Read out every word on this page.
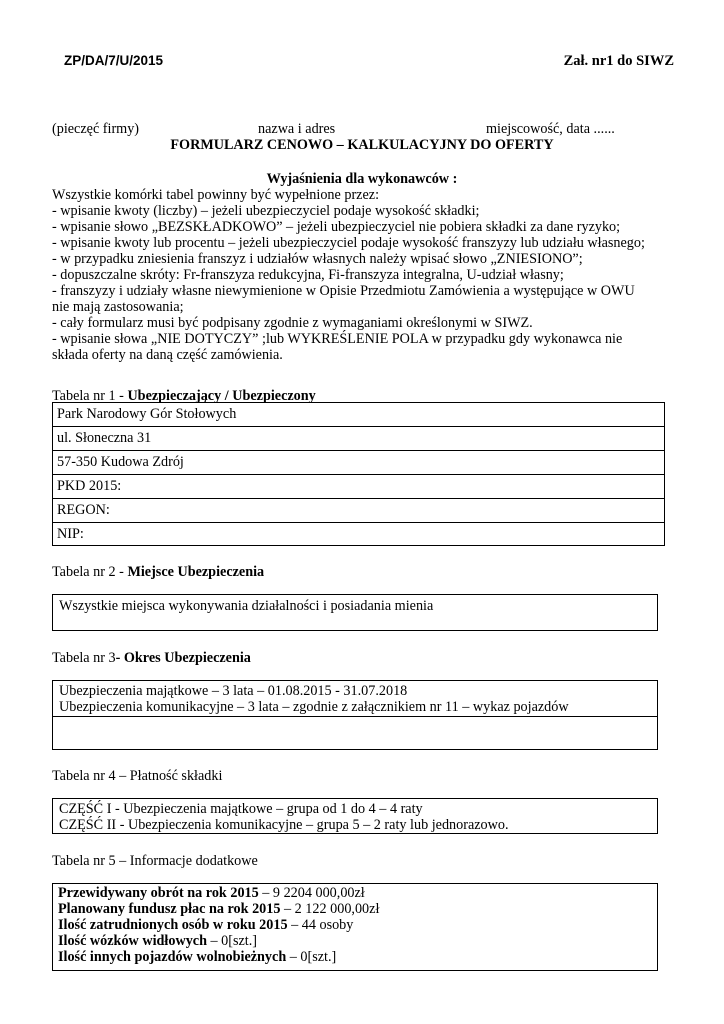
ZP/DA/7/U/2015	Zał. nr1 do SIWZ
(pieczęć firmy)	nazwa i adres	miejscowość, data ......
FORMULARZ CENOWO – KALKULACYJNY DO OFERTY
Wyjaśnienia dla wykonawców :
Wszystkie komórki tabel powinny być wypełnione przez:
- wpisanie kwoty (liczby) – jeżeli ubezpieczyciel podaje wysokość składki;
- wpisanie słowo „BEZSKŁADKOWO” – jeżeli ubezpieczyciel nie pobiera składki za dane ryzyko;
- wpisanie kwoty lub procentu – jeżeli ubezpieczyciel podaje wysokość franszyzy lub udziału własnego;
- w przypadku zniesienia franszyz i udziałów własnych należy wpisać słowo „ZNIESIONO”;
- dopuszczalne skróty: Fr-franszyza redukcyjna, Fi-franszyza integralna, U-udział własny;
- franszyzy i udziały własne niewymienione w Opisie Przedmiotu Zamówienia a występujące w OWU
nie mają zastosowania;
- cały formularz musi być podpisany zgodnie z wymaganiami określonymi w SIWZ.
- wpisanie słowa „NIE DOTYCZY” ;lub WYKREŚLENIE POLA w przypadku gdy wykonawca nie
składa oferty na daną część zamówienia.
Tabela nr 1 - Ubezpieczający / Ubezpieczony
Park Narodowy Gór Stołowych
ul. Słoneczna 31
57-350 Kudowa Zdrój
PKD 2015:
REGON:
NIP:
Tabela nr 2 - Miejsce Ubezpieczenia
Wszystkie miejsca wykonywania działalności i posiadania mienia
Tabela nr 3- Okres Ubezpieczenia
Ubezpieczenia majątkowe – 3 lata – 01.08.2015 - 31.07.2018
Ubezpieczenia komunikacyjne – 3 lata – zgodnie z załącznikiem nr 11 – wykaz pojazdów
Tabela nr 4 – Płatność składki
CZĘŚĆ I - Ubezpieczenia majątkowe – grupa od 1 do 4 – 4 raty
CZĘŚĆ II - Ubezpieczenia komunikacyjne – grupa 5 – 2 raty lub jednorazowo.
Tabela nr 5 – Informacje dodatkowe
Przewidywany obrót na rok 2015 – 9 2204 000,00zł
Planowany fundusz płac na rok 2015 – 2 122 000,00zł
Ilość zatrudnionych osób w roku 2015 – 44 osoby
Ilość wózków widłowych – 0[szt.]
Ilość innych pojazdów wolnobieżnych – 0[szt.]
